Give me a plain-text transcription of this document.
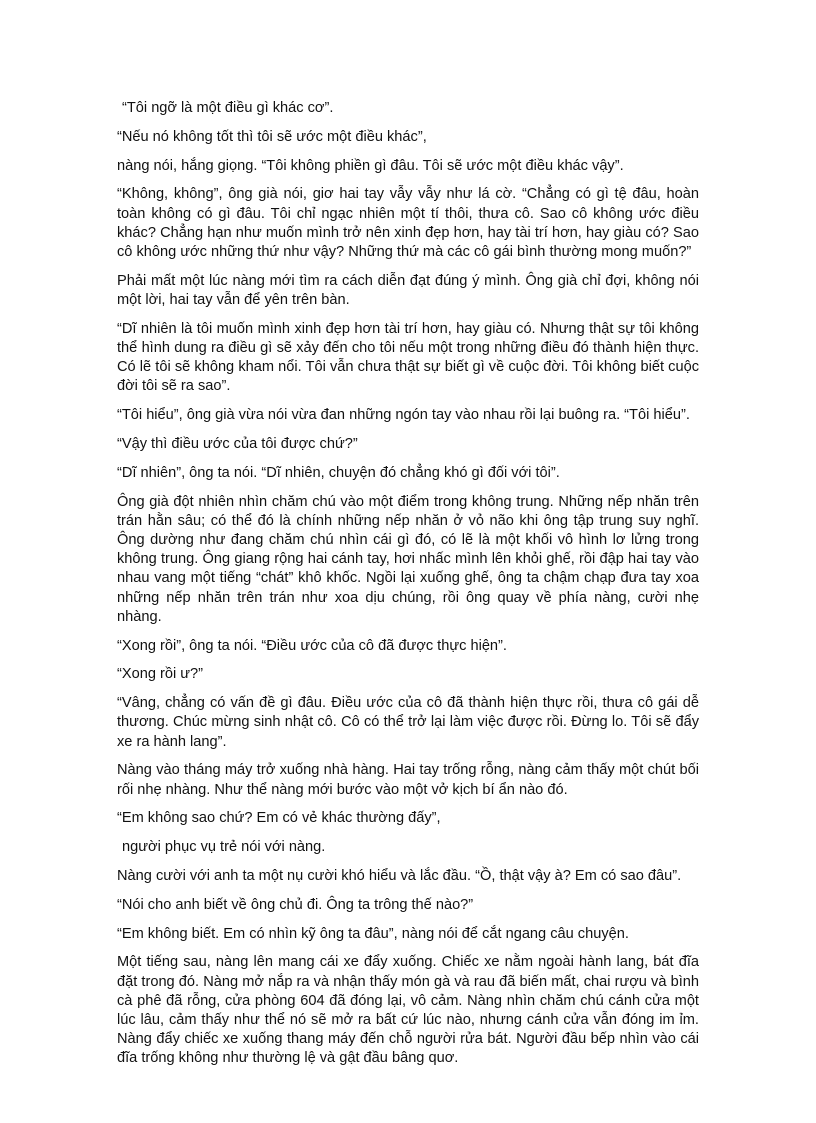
“Tôi ngỡ là một điều gì khác cơ”.

“Nếu nó không tốt thì tôi sẽ ước một điều khác”,

nàng nói, hắng giọng. “Tôi không phiền gì đâu. Tôi sẽ ước một điều khác vậy”.

“Không, không”, ông già nói, giơ hai tay vẫy vẫy như lá cờ. “Chẳng có gì tệ đâu, hoàn toàn không có gì đâu. Tôi chỉ ngạc nhiên một tí thôi, thưa cô. Sao cô không ước điều khác? Chẳng hạn như muốn mình trở nên xinh đẹp hơn, hay tài trí hơn, hay giàu có? Sao cô không ước những thứ như vậy? Những thứ mà các cô gái bình thường mong muốn?”

Phải mất một lúc nàng mới tìm ra cách diễn đạt đúng ý mình. Ông già chỉ đợi, không nói một lời, hai tay vẫn để yên trên bàn.

“Dĩ nhiên là tôi muốn mình xinh đẹp hơn tài trí hơn, hay giàu có. Nhưng thật sự tôi không thể hình dung ra điều gì sẽ xảy đến cho tôi nếu một trong những điều đó thành hiện thực. Có lẽ tôi sẽ không kham nổi. Tôi vẫn chưa thật sự biết gì về cuộc đời. Tôi không biết cuộc đời tôi sẽ ra sao”.

“Tôi hiểu”, ông già vừa nói vừa đan những ngón tay vào nhau rồi lại buông ra. “Tôi hiểu”.

“Vậy thì điều ước của tôi được chứ?”

“Dĩ nhiên”, ông ta nói. “Dĩ nhiên, chuyện đó chẳng khó gì đối với tôi”.

Ông già đột nhiên nhìn chăm chú vào một điểm trong không trung. Những nếp nhăn trên trán hằn sâu; có thể đó là chính những nếp nhăn ở vỏ não khi ông tập trung suy nghĩ. Ông dường như đang chăm chú nhìn cái gì đó, có lẽ là một khối vô hình lơ lửng trong không trung. Ông giang rộng hai cánh tay, hơi nhấc mình lên khỏi ghế, rồi đập hai tay vào nhau vang một tiếng “chát” khô khốc. Ngồi lại xuống ghế, ông ta chậm chạp đưa tay xoa những nếp nhăn trên trán như xoa dịu chúng, rồi ông quay về phía nàng, cười nhẹ nhàng.

“Xong rồi”, ông ta nói. “Điều ước của cô đã được thực hiện”.

“Xong rồi ư?”

“Vâng, chẳng có vấn đề gì đâu. Điều ước của cô đã thành hiện thực rồi, thưa cô gái dễ thương. Chúc mừng sinh nhật cô. Cô có thể trở lại làm việc được rồi. Đừng lo. Tôi sẽ đẩy xe ra hành lang”.

Nàng vào tháng máy trở xuống nhà hàng. Hai tay trống rỗng, nàng cảm thấy một chút bối rối nhẹ nhàng. Như thể nàng mới bước vào một vở kịch bí ẩn nào đó.

“Em không sao chứ? Em có vẻ khác thường đấy”,

người phục vụ trẻ nói với nàng.

Nàng cười với anh ta một nụ cười khó hiểu và lắc đầu. “Ồ, thật vậy à? Em có sao đâu”.

“Nói cho anh biết về ông chủ đi. Ông ta trông thế nào?”

“Em không biết. Em có nhìn kỹ ông ta đâu”, nàng nói để cắt ngang câu chuyện.

Một tiếng sau, nàng lên mang cái xe đẩy xuống. Chiếc xe nằm ngoài hành lang, bát đĩa đặt trong đó. Nàng mở nắp ra và nhận thấy món gà và rau đã biến mất, chai rượu và bình cà phê đã rỗng, cửa phòng 604 đã đóng lại, vô cảm. Nàng nhìn chăm chú cánh cửa một lúc lâu, cảm thấy như thể nó sẽ mở ra bất cứ lúc nào, nhưng cánh cửa vẫn đóng im ỉm. Nàng đẩy chiếc xe xuống thang máy đến chỗ người rửa bát. Người đầu bếp nhìn vào cái đĩa trống không như thường lệ và gật đầu bâng quơ.
